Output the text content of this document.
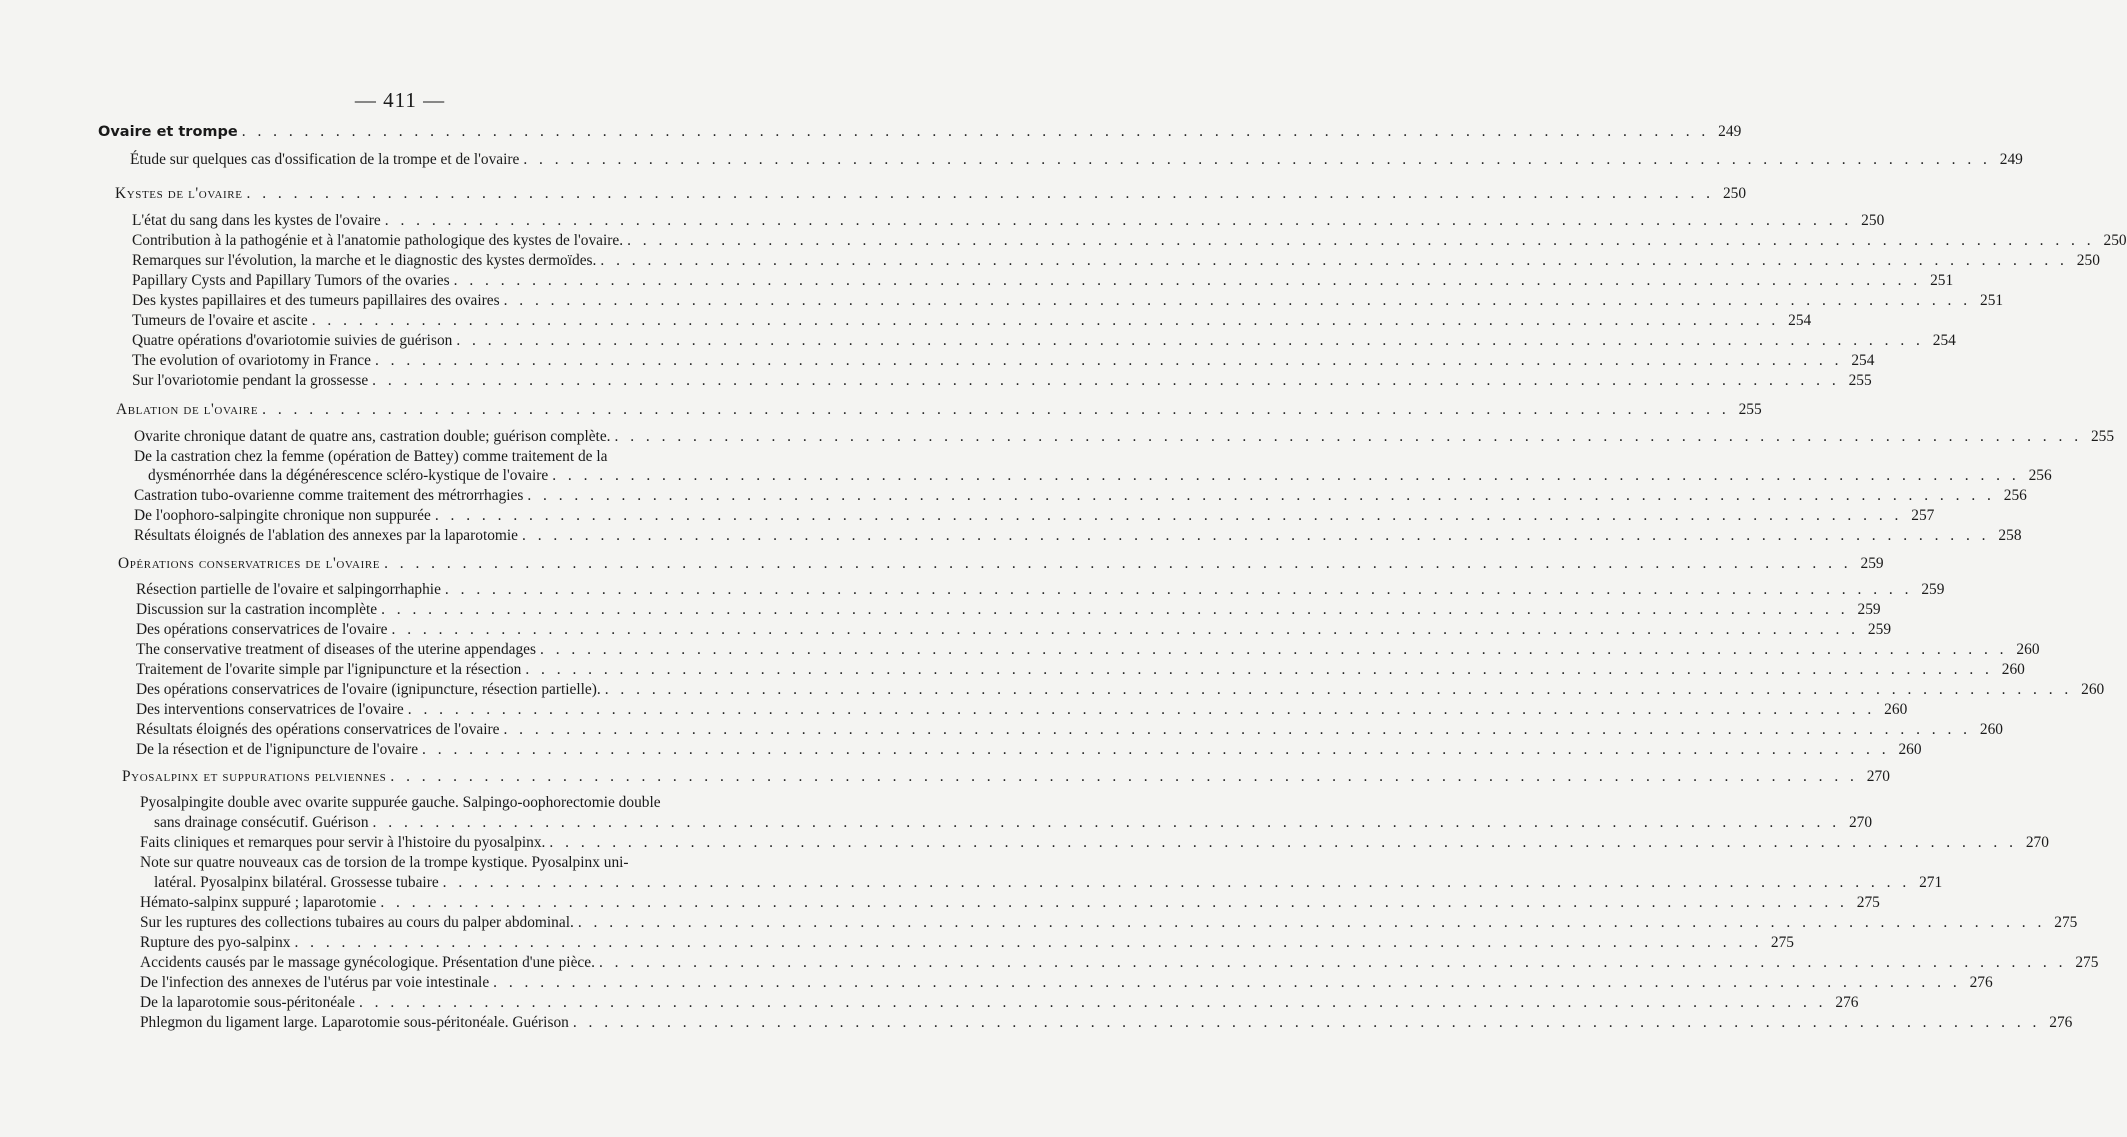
— 411 —
Ovaire et trompe . . . . . . . . . . . . . . . . . . . . . . . . . . . . . . . . . . . . . . . . . . . . . . . . . . . . . . . . . . . . . . . . . . . . . . . . . . . . . . . . . . . . . . . . . . . . . . 249
Étude sur quelques cas d'ossification de la trompe et de l'ovaire . . . . . . . . . . . . . . . . . . . . . . . . . . . . . . . . . . . . . . . . . . . . . . . . . . . . . . . . . . . . . . . . . . . . . . . . . . . . . . . . . . . . . . . . . . . . . . 249
Kystes de l'ovaire . . . . . . . . . . . . . . . . . . . . . . . . . . . . . . . . . . . . . . . . . . . . . . . . . . . . . . . . . . . . . . . . . . . . . . . . . . . . . . . . . . . . . . . . . . . . . . 250
L'état du sang dans les kystes de l'ovaire . . . . . . . . . . . . . . . . . . . . . . . . . . . . . . . . . . . . . . . . . . . . . . . . . . . . . . . . . . . . . . . . . . . . . . . . . . . . . . . . . . . . . . . . . . . . . . 250
Contribution à la pathogénie et à l'anatomie pathologique des kystes de l'ovaire. . . . . . . . . . . . . . . . . . . . . . . . . . . . . . . . . . . . . . . . . . . . . . . . . . . . . . . . . . . . . . . . . . . . . . . . . . . . . . . . . . . . . . . . . . . . . . . 250
Remarques sur l'évolution, la marche et le diagnostic des kystes dermoïdes. . . . . . . . . . . . . . . . . . . . . . . . . . . . . . . . . . . . . . . . . . . . . . . . . . . . . . . . . . . . . . . . . . . . . . . . . . . . . . . . . . . . . . . . . . . . . . . 250
Papillary Cysts and Papillary Tumors of the ovaries . . . . . . . . . . . . . . . . . . . . . . . . . . . . . . . . . . . . . . . . . . . . . . . . . . . . . . . . . . . . . . . . . . . . . . . . . . . . . . . . . . . . . . . . . . . . . . 251
Des kystes papillaires et des tumeurs papillaires des ovaires . . . . . . . . . . . . . . . . . . . . . . . . . . . . . . . . . . . . . . . . . . . . . . . . . . . . . . . . . . . . . . . . . . . . . . . . . . . . . . . . . . . . . . . . . . . . . . 251
Tumeurs de l'ovaire et ascite . . . . . . . . . . . . . . . . . . . . . . . . . . . . . . . . . . . . . . . . . . . . . . . . . . . . . . . . . . . . . . . . . . . . . . . . . . . . . . . . . . . . . . . . . . . . . . 254
Quatre opérations d'ovariotomie suivies de guérison . . . . . . . . . . . . . . . . . . . . . . . . . . . . . . . . . . . . . . . . . . . . . . . . . . . . . . . . . . . . . . . . . . . . . . . . . . . . . . . . . . . . . . . . . . . . . . 254
The evolution of ovariotomy in France . . . . . . . . . . . . . . . . . . . . . . . . . . . . . . . . . . . . . . . . . . . . . . . . . . . . . . . . . . . . . . . . . . . . . . . . . . . . . . . . . . . . . . . . . . . . . . 254
Sur l'ovariotomie pendant la grossesse . . . . . . . . . . . . . . . . . . . . . . . . . . . . . . . . . . . . . . . . . . . . . . . . . . . . . . . . . . . . . . . . . . . . . . . . . . . . . . . . . . . . . . . . . . . . . . 255
Ablation de l'ovaire . . . . . . . . . . . . . . . . . . . . . . . . . . . . . . . . . . . . . . . . . . . . . . . . . . . . . . . . . . . . . . . . . . . . . . . . . . . . . . . . . . . . . . . . . . . . . . 255
Ovarite chronique datant de quatre ans, castration double; guérison complète. . . . . . . . . . . . . . . . . . . . . . . . . . . . . . . . . . . . . . . . . . . . . . . . . . . . . . . . . . . . . . . . . . . . . . . . . . . . . . . . . . . . . . . . . . . . . . . 255
De la castration chez la femme (opération de Battey) comme traitement de la
dysménorrhée dans la dégénérescence scléro-kystique de l'ovaire . . . . . . . . . . . . . . . . . . . . . . . . . . . . . . . . . . . . . . . . . . . . . . . . . . . . . . . . . . . . . . . . . . . . . . . . . . . . . . . . . . . . . . . . . . . . . . 256
Castration tubo-ovarienne comme traitement des métrorrhagies . . . . . . . . . . . . . . . . . . . . . . . . . . . . . . . . . . . . . . . . . . . . . . . . . . . . . . . . . . . . . . . . . . . . . . . . . . . . . . . . . . . . . . . . . . . . . . 256
De l'oophoro-salpingite chronique non suppurée . . . . . . . . . . . . . . . . . . . . . . . . . . . . . . . . . . . . . . . . . . . . . . . . . . . . . . . . . . . . . . . . . . . . . . . . . . . . . . . . . . . . . . . . . . . . . . 257
Résultats éloignés de l'ablation des annexes par la laparotomie . . . . . . . . . . . . . . . . . . . . . . . . . . . . . . . . . . . . . . . . . . . . . . . . . . . . . . . . . . . . . . . . . . . . . . . . . . . . . . . . . . . . . . . . . . . . . . 258
Opérations conservatrices de l'ovaire . . . . . . . . . . . . . . . . . . . . . . . . . . . . . . . . . . . . . . . . . . . . . . . . . . . . . . . . . . . . . . . . . . . . . . . . . . . . . . . . . . . . . . . . . . . . . . 259
Résection partielle de l'ovaire et salpingorrhaphie . . . . . . . . . . . . . . . . . . . . . . . . . . . . . . . . . . . . . . . . . . . . . . . . . . . . . . . . . . . . . . . . . . . . . . . . . . . . . . . . . . . . . . . . . . . . . . 259
Discussion sur la castration incomplète . . . . . . . . . . . . . . . . . . . . . . . . . . . . . . . . . . . . . . . . . . . . . . . . . . . . . . . . . . . . . . . . . . . . . . . . . . . . . . . . . . . . . . . . . . . . . . 259
Des opérations conservatrices de l'ovaire . . . . . . . . . . . . . . . . . . . . . . . . . . . . . . . . . . . . . . . . . . . . . . . . . . . . . . . . . . . . . . . . . . . . . . . . . . . . . . . . . . . . . . . . . . . . . . 259
The conservative treatment of diseases of the uterine appendages . . . . . . . . . . . . . . . . . . . . . . . . . . . . . . . . . . . . . . . . . . . . . . . . . . . . . . . . . . . . . . . . . . . . . . . . . . . . . . . . . . . . . . . . . . . . . . 260
Traitement de l'ovarite simple par l'ignipuncture et la résection . . . . . . . . . . . . . . . . . . . . . . . . . . . . . . . . . . . . . . . . . . . . . . . . . . . . . . . . . . . . . . . . . . . . . . . . . . . . . . . . . . . . . . . . . . . . . . 260
Des opérations conservatrices de l'ovaire (ignipuncture, résection partielle). . . . . . . . . . . . . . . . . . . . . . . . . . . . . . . . . . . . . . . . . . . . . . . . . . . . . . . . . . . . . . . . . . . . . . . . . . . . . . . . . . . . . . . . . . . . . . . 260
Des interventions conservatrices de l'ovaire . . . . . . . . . . . . . . . . . . . . . . . . . . . . . . . . . . . . . . . . . . . . . . . . . . . . . . . . . . . . . . . . . . . . . . . . . . . . . . . . . . . . . . . . . . . . . . 260
Résultats éloignés des opérations conservatrices de l'ovaire . . . . . . . . . . . . . . . . . . . . . . . . . . . . . . . . . . . . . . . . . . . . . . . . . . . . . . . . . . . . . . . . . . . . . . . . . . . . . . . . . . . . . . . . . . . . . . 260
De la résection et de l'ignipuncture de l'ovaire . . . . . . . . . . . . . . . . . . . . . . . . . . . . . . . . . . . . . . . . . . . . . . . . . . . . . . . . . . . . . . . . . . . . . . . . . . . . . . . . . . . . . . . . . . . . . . 260
Pyosalpinx et suppurations pelviennes . . . . . . . . . . . . . . . . . . . . . . . . . . . . . . . . . . . . . . . . . . . . . . . . . . . . . . . . . . . . . . . . . . . . . . . . . . . . . . . . . . . . . . . . . . . . . . 270
Pyosalpingite double avec ovarite suppurée gauche. Salpingo-oophorectomie double
sans drainage consécutif. Guérison . . . . . . . . . . . . . . . . . . . . . . . . . . . . . . . . . . . . . . . . . . . . . . . . . . . . . . . . . . . . . . . . . . . . . . . . . . . . . . . . . . . . . . . . . . . . . . 270
Faits cliniques et remarques pour servir à l'histoire du pyosalpinx. . . . . . . . . . . . . . . . . . . . . . . . . . . . . . . . . . . . . . . . . . . . . . . . . . . . . . . . . . . . . . . . . . . . . . . . . . . . . . . . . . . . . . . . . . . . . . . 270
Note sur quatre nouveaux cas de torsion de la trompe kystique. Pyosalpinx uni-
latéral. Pyosalpinx bilatéral. Grossesse tubaire . . . . . . . . . . . . . . . . . . . . . . . . . . . . . . . . . . . . . . . . . . . . . . . . . . . . . . . . . . . . . . . . . . . . . . . . . . . . . . . . . . . . . . . . . . . . . . 271
Hémato-salpinx suppuré ; laparotomie . . . . . . . . . . . . . . . . . . . . . . . . . . . . . . . . . . . . . . . . . . . . . . . . . . . . . . . . . . . . . . . . . . . . . . . . . . . . . . . . . . . . . . . . . . . . . . 275
Sur les ruptures des collections tubaires au cours du palper abdominal. . . . . . . . . . . . . . . . . . . . . . . . . . . . . . . . . . . . . . . . . . . . . . . . . . . . . . . . . . . . . . . . . . . . . . . . . . . . . . . . . . . . . . . . . . . . . . . 275
Rupture des pyo-salpinx . . . . . . . . . . . . . . . . . . . . . . . . . . . . . . . . . . . . . . . . . . . . . . . . . . . . . . . . . . . . . . . . . . . . . . . . . . . . . . . . . . . . . . . . . . . . . . 275
Accidents causés par le massage gynécologique. Présentation d'une pièce. . . . . . . . . . . . . . . . . . . . . . . . . . . . . . . . . . . . . . . . . . . . . . . . . . . . . . . . . . . . . . . . . . . . . . . . . . . . . . . . . . . . . . . . . . . . . . . 275
De l'infection des annexes de l'utérus par voie intestinale . . . . . . . . . . . . . . . . . . . . . . . . . . . . . . . . . . . . . . . . . . . . . . . . . . . . . . . . . . . . . . . . . . . . . . . . . . . . . . . . . . . . . . . . . . . . . . 276
De la laparotomie sous-péritonéale . . . . . . . . . . . . . . . . . . . . . . . . . . . . . . . . . . . . . . . . . . . . . . . . . . . . . . . . . . . . . . . . . . . . . . . . . . . . . . . . . . . . . . . . . . . . . . 276
Phlegmon du ligament large. Laparotomie sous-péritonéale. Guérison . . . . . . . . . . . . . . . . . . . . . . . . . . . . . . . . . . . . . . . . . . . . . . . . . . . . . . . . . . . . . . . . . . . . . . . . . . . . . . . . . . . . . . . . . . . . . . 276
